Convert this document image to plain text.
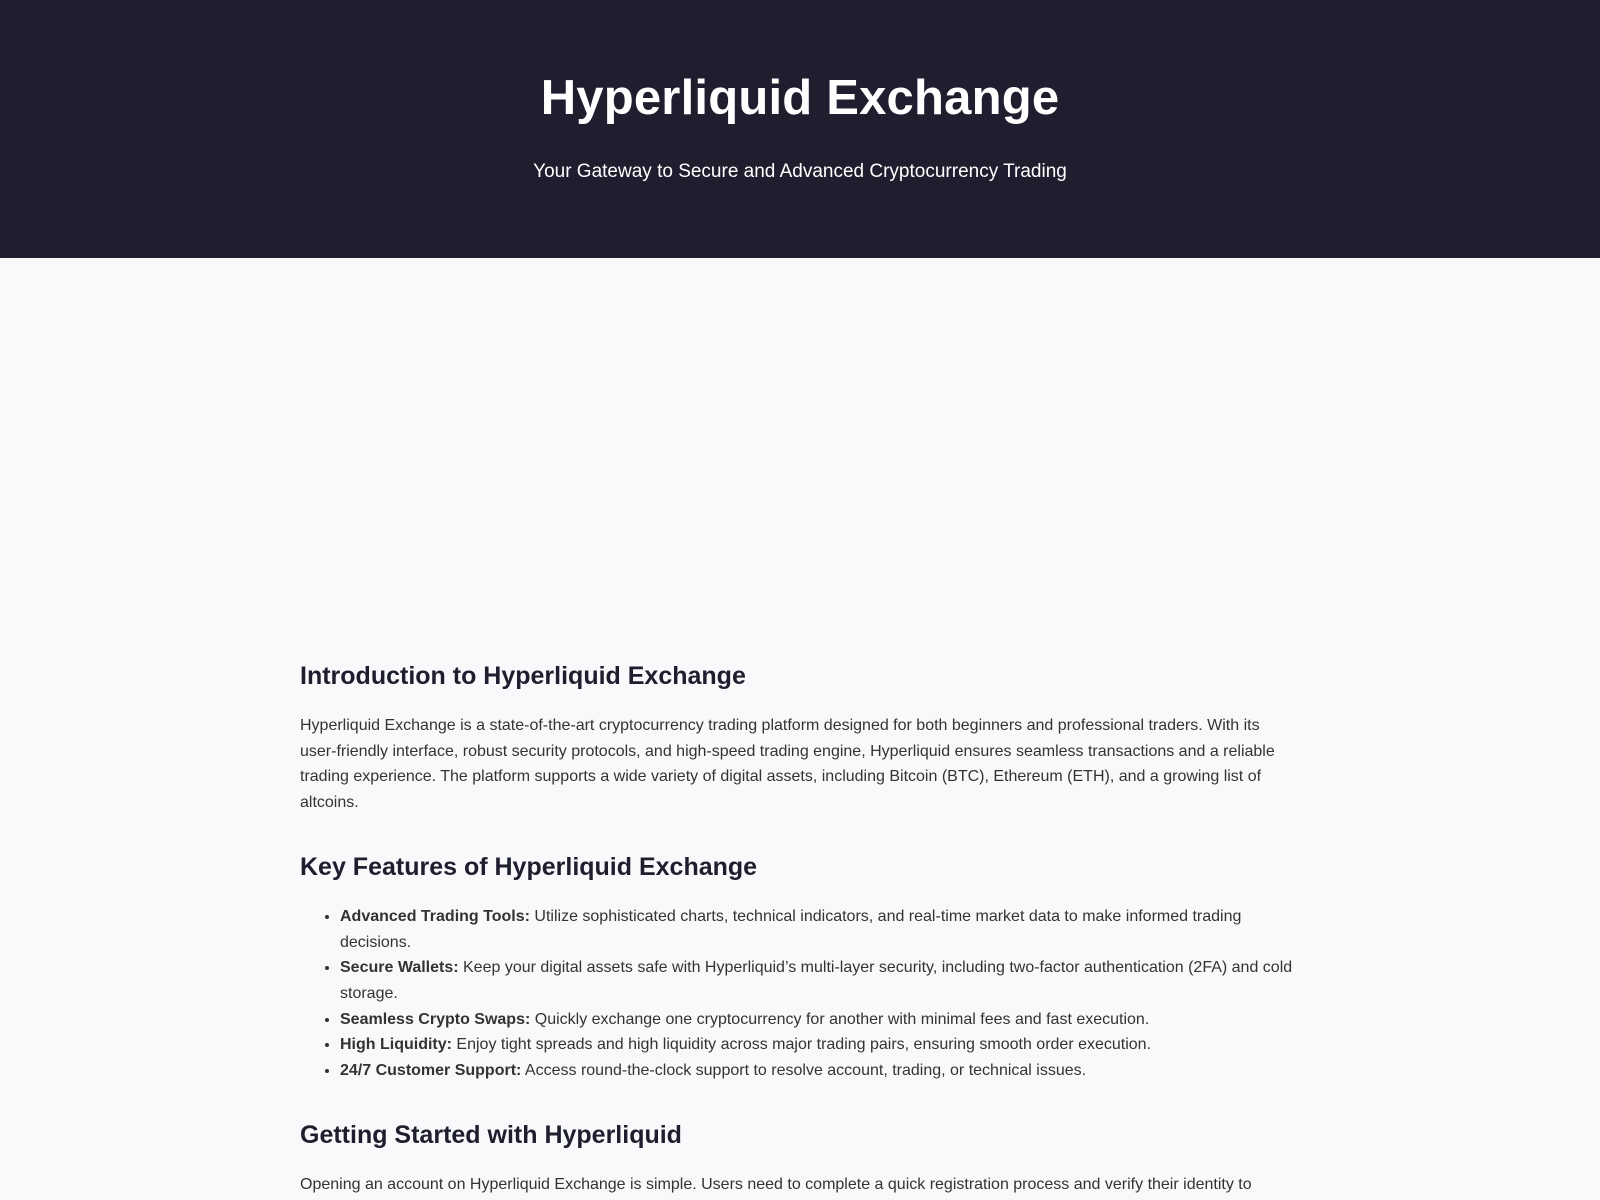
Hyperliquid Exchange

Your Gateway to Secure and Advanced Cryptocurrency Trading

Introduction to Hyperliquid Exchange

Hyperliquid Exchange is a state-of-the-art cryptocurrency trading platform designed for both beginners and professional traders. With its user-friendly interface, robust security protocols, and high-speed trading engine, Hyperliquid ensures seamless transactions and a reliable trading experience. The platform supports a wide variety of digital assets, including Bitcoin (BTC), Ethereum (ETH), and a growing list of altcoins.

Key Features of Hyperliquid Exchange
• Advanced Trading Tools: Utilize sophisticated charts, technical indicators, and real-time market data to make informed trading decisions.
• Secure Wallets: Keep your digital assets safe with Hyperliquid’s multi-layer security, including two-factor authentication (2FA) and cold storage.
• Seamless Crypto Swaps: Quickly exchange one cryptocurrency for another with minimal fees and fast execution.
• High Liquidity: Enjoy tight spreads and high liquidity across major trading pairs, ensuring smooth order execution.
• 24/7 Customer Support: Access round-the-clock support to resolve account, trading, or technical issues.
Getting Started with Hyperliquid

Opening an account on Hyperliquid Exchange is simple. Users need to complete a quick registration process and verify their identity to
